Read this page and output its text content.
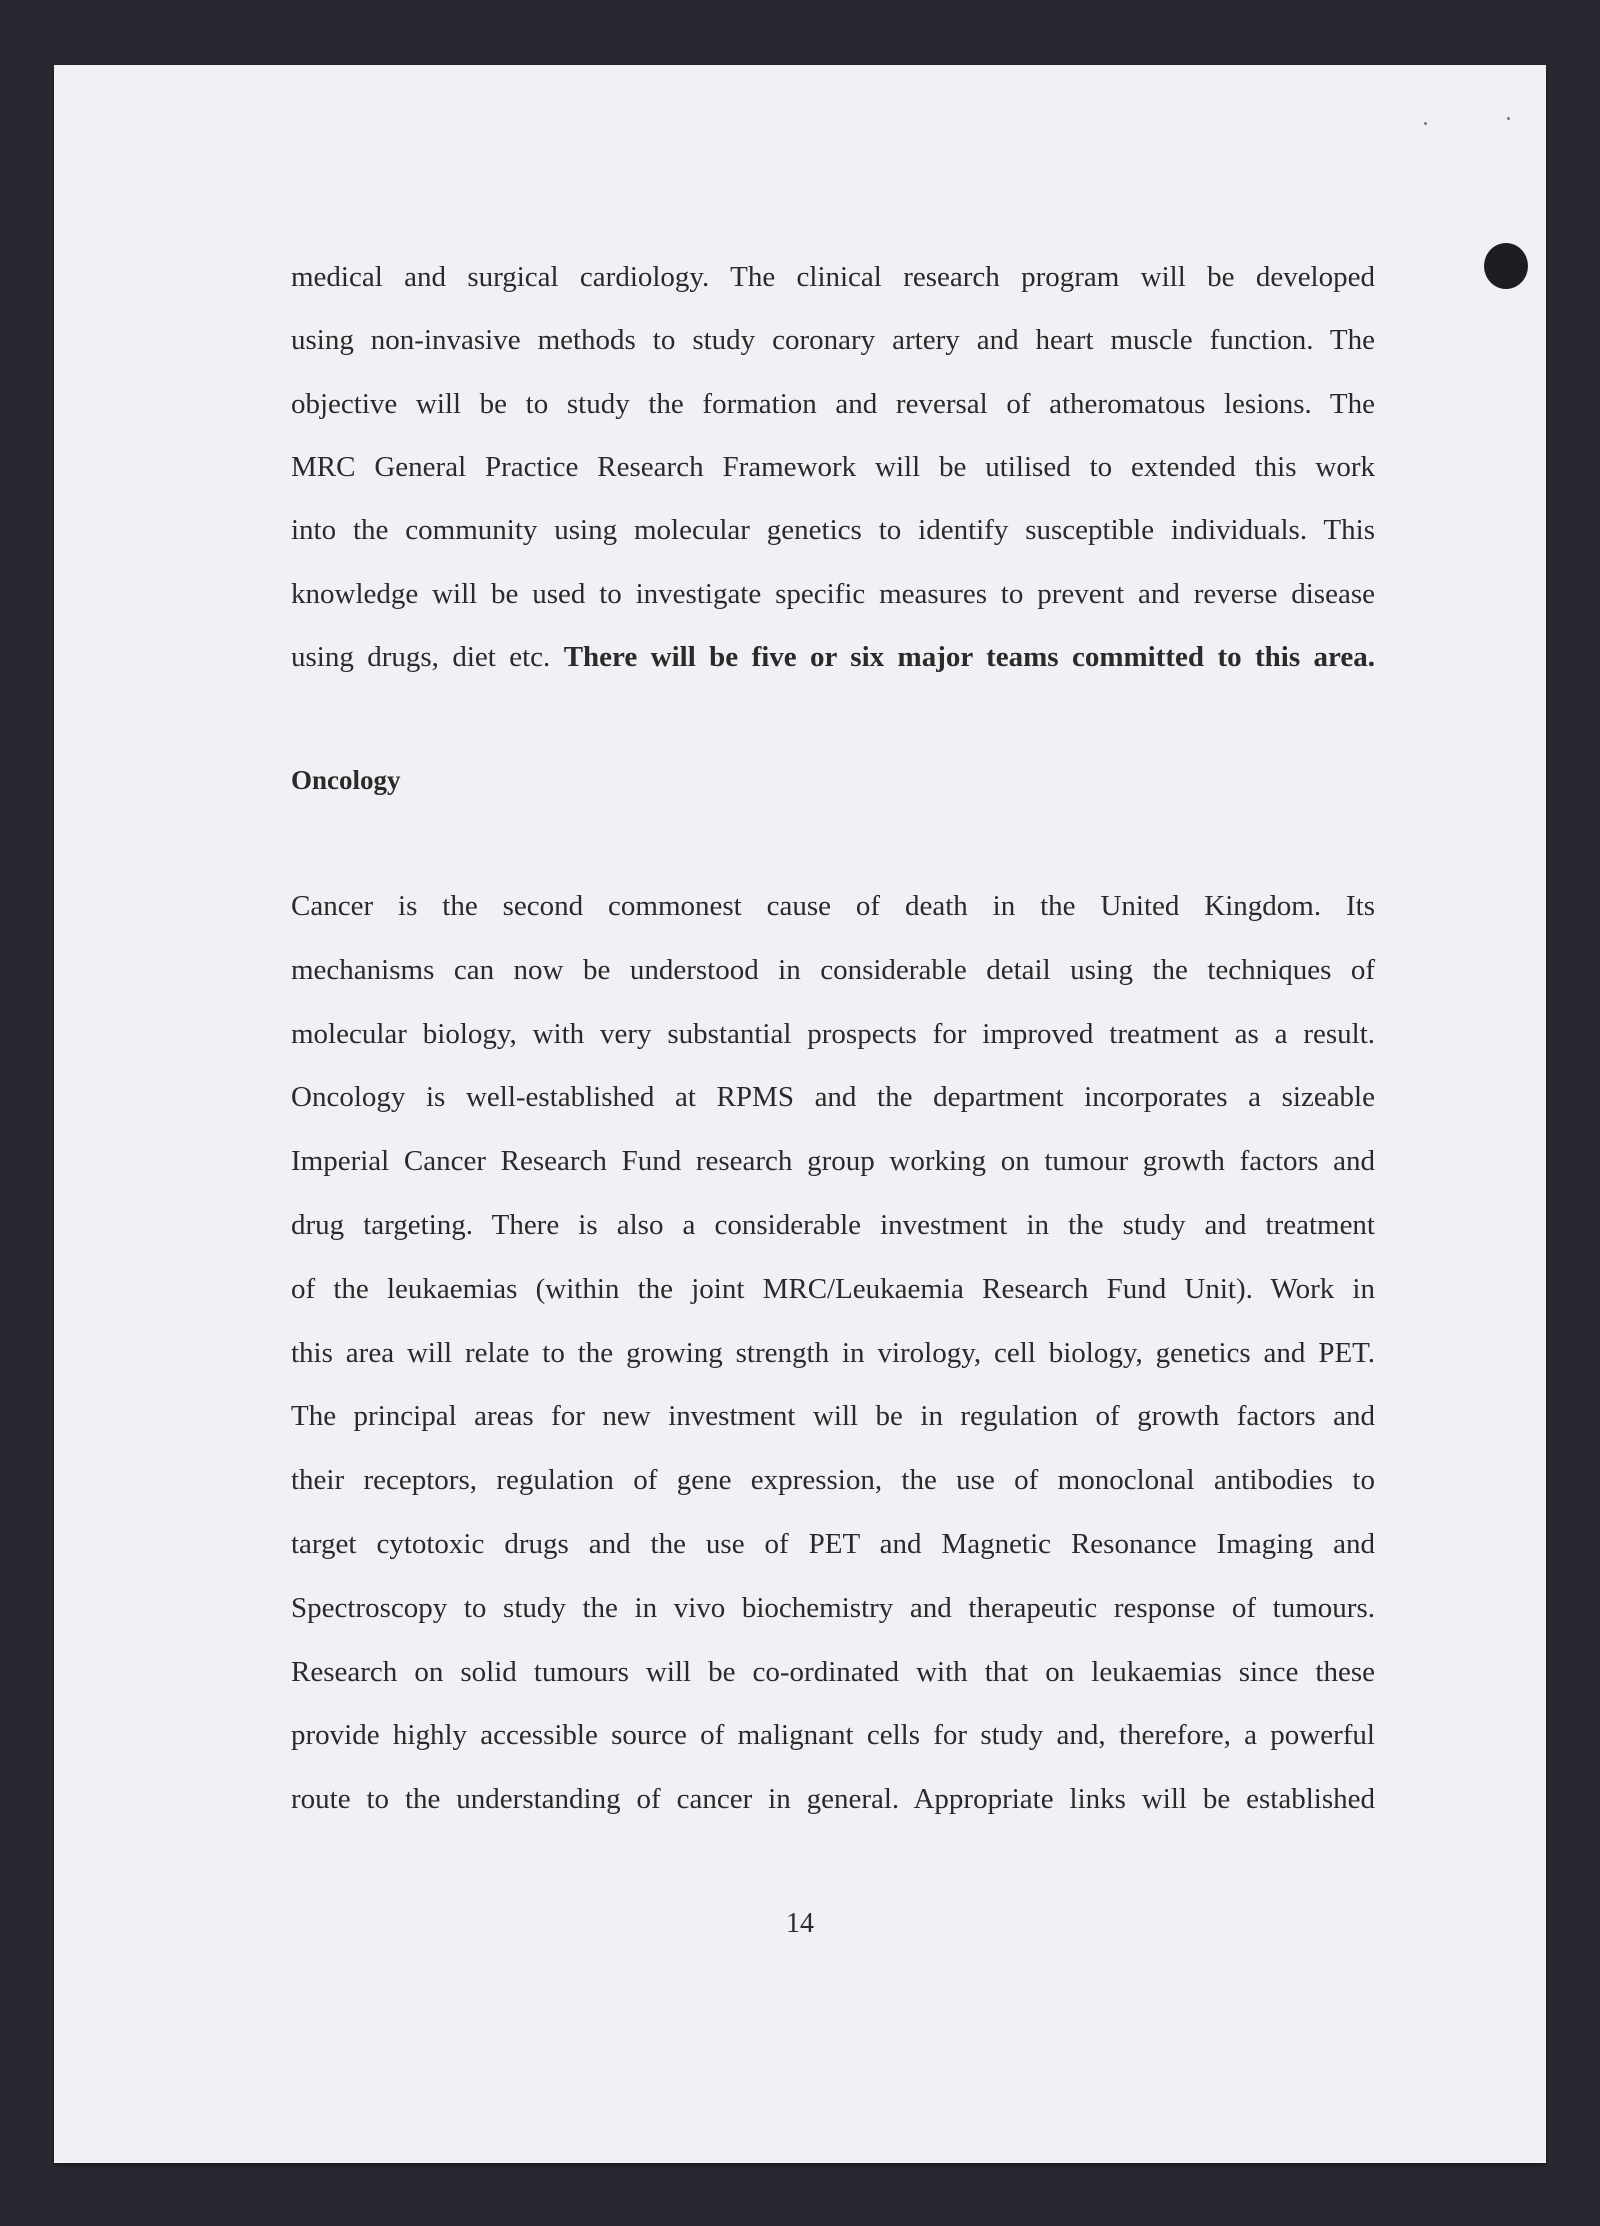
medical and surgical cardiology. The clinical research program will be developed
using non-invasive methods to study coronary artery and heart muscle function. The
objective will be to study the formation and reversal of atheromatous lesions. The
MRC General Practice Research Framework will be utilised to extended this work
into the community using molecular genetics to identify susceptible individuals. This
knowledge will be used to investigate specific measures to prevent and reverse disease
using drugs, diet etc. There will be five or six major teams committed to this area.
Oncology
Cancer is the second commonest cause of death in the United Kingdom. Its
mechanisms can now be understood in considerable detail using the techniques of
molecular biology, with very substantial prospects for improved treatment as a result.
Oncology is well-established at RPMS and the department incorporates a sizeable
Imperial Cancer Research Fund research group working on tumour growth factors and
drug targeting. There is also a considerable investment in the study and treatment
of the leukaemias (within the joint MRC/Leukaemia Research Fund Unit). Work in
this area will relate to the growing strength in virology, cell biology, genetics and PET.
The principal areas for new investment will be in regulation of growth factors and
their receptors, regulation of gene expression, the use of monoclonal antibodies to
target cytotoxic drugs and the use of PET and Magnetic Resonance Imaging and
Spectroscopy to study the in vivo biochemistry and therapeutic response of tumours.
Research on solid tumours will be co-ordinated with that on leukaemias since these
provide highly accessible source of malignant cells for study and, therefore, a powerful
route to the understanding of cancer in general. Appropriate links will be established
14
